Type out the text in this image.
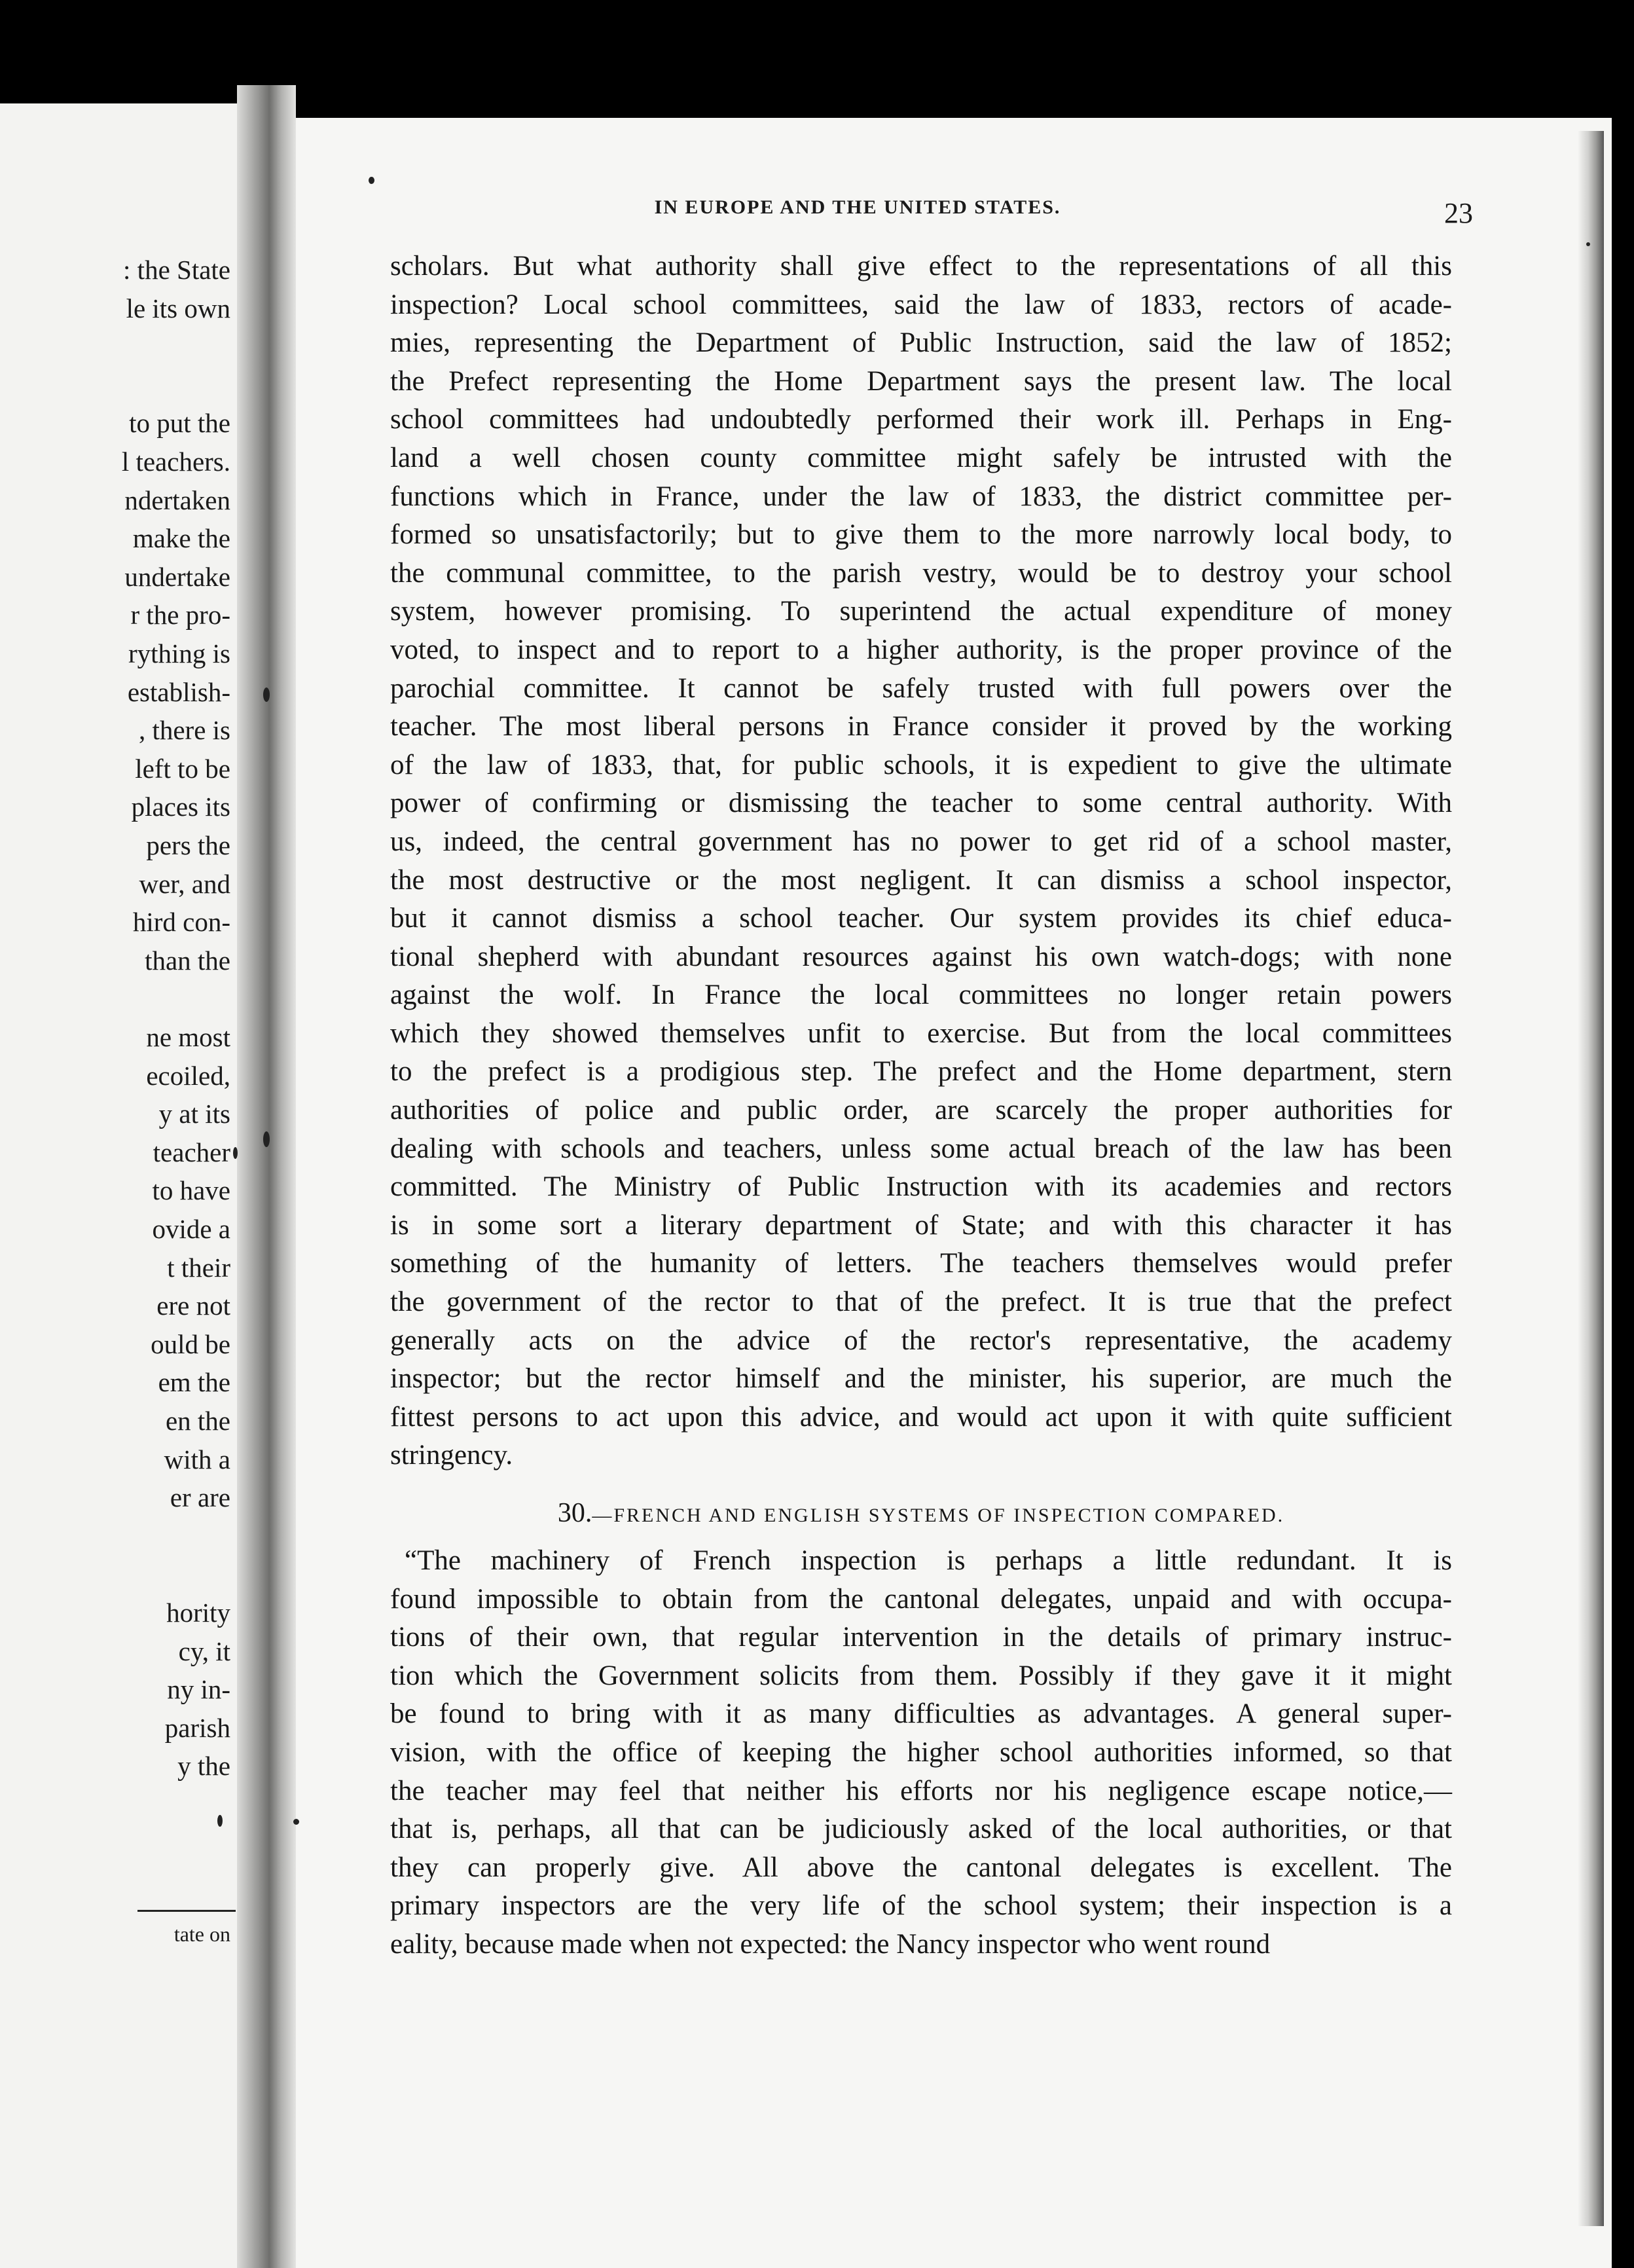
: the State
le its own
to put the
l teachers.
ndertaken
make the
undertake
r the pro-
rything is
establish-
, there is
left to be
places its
pers the
wer, and
hird con-
than the
ne most
ecoiled,
y at its
teacher
to have
ovide a
t their
ere not
ould be
em the
en the
with a
er are
hority
cy, it
ny in-
parish
y the
tate on
IN EUROPE AND THE UNITED STATES.	23
scholars. But what authority shall give effect to the representations of all this
inspection? Local school committees, said the law of 1833, rectors of acade-
mies, representing the Department of Public Instruction, said the law of 1852;
the Prefect representing the Home Department says the present law. The local
school committees had undoubtedly performed their work ill. Perhaps in Eng-
land a well chosen county committee might safely be intrusted with the
functions which in France, under the law of 1833, the district committee per-
formed so unsatisfactorily; but to give them to the more narrowly local body, to
the communal committee, to the parish vestry, would be to destroy your school
system, however promising. To superintend the actual expenditure of money
voted, to inspect and to report to a higher authority, is the proper province of the
parochial committee. It cannot be safely trusted with full powers over the
teacher. The most liberal persons in France consider it proved by the working
of the law of 1833, that, for public schools, it is expedient to give the ultimate
power of confirming or dismissing the teacher to some central authority. With
us, indeed, the central government has no power to get rid of a school master,
the most destructive or the most negligent. It can dismiss a school inspector,
but it cannot dismiss a school teacher. Our system provides its chief educa-
tional shepherd with abundant resources against his own watch-dogs; with none
against the wolf. In France the local committees no longer retain powers
which they showed themselves unfit to exercise. But from the local committees
to the prefect is a prodigious step. The prefect and the Home department, stern
authorities of police and public order, are scarcely the proper authorities for
dealing with schools and teachers, unless some actual breach of the law has been
committed. The Ministry of Public Instruction with its academies and rectors
is in some sort a literary department of State; and with this character it has
something of the humanity of letters. The teachers themselves would prefer
the government of the rector to that of the prefect. It is true that the prefect
generally acts on the advice of the rector's representative, the academy
inspector; but the rector himself and the minister, his superior, are much the
fittest persons to act upon this advice, and would act upon it with quite sufficient
stringency.
30.—FRENCH AND ENGLISH SYSTEMS OF INSPECTION COMPARED.
“The machinery of French inspection is perhaps a little redundant. It is
found impossible to obtain from the cantonal delegates, unpaid and with occupa-
tions of their own, that regular intervention in the details of primary instruc-
tion which the Government solicits from them. Possibly if they gave it it might
be found to bring with it as many difficulties as advantages. A general super-
vision, with the office of keeping the higher school authorities informed, so that
the teacher may feel that neither his efforts nor his negligence escape notice,—
that is, perhaps, all that can be judiciously asked of the local authorities, or that
they can properly give. All above the cantonal delegates is excellent. The
primary inspectors are the very life of the school system; their inspection is a
eality, because made when not expected: the Nancy inspector who went round
